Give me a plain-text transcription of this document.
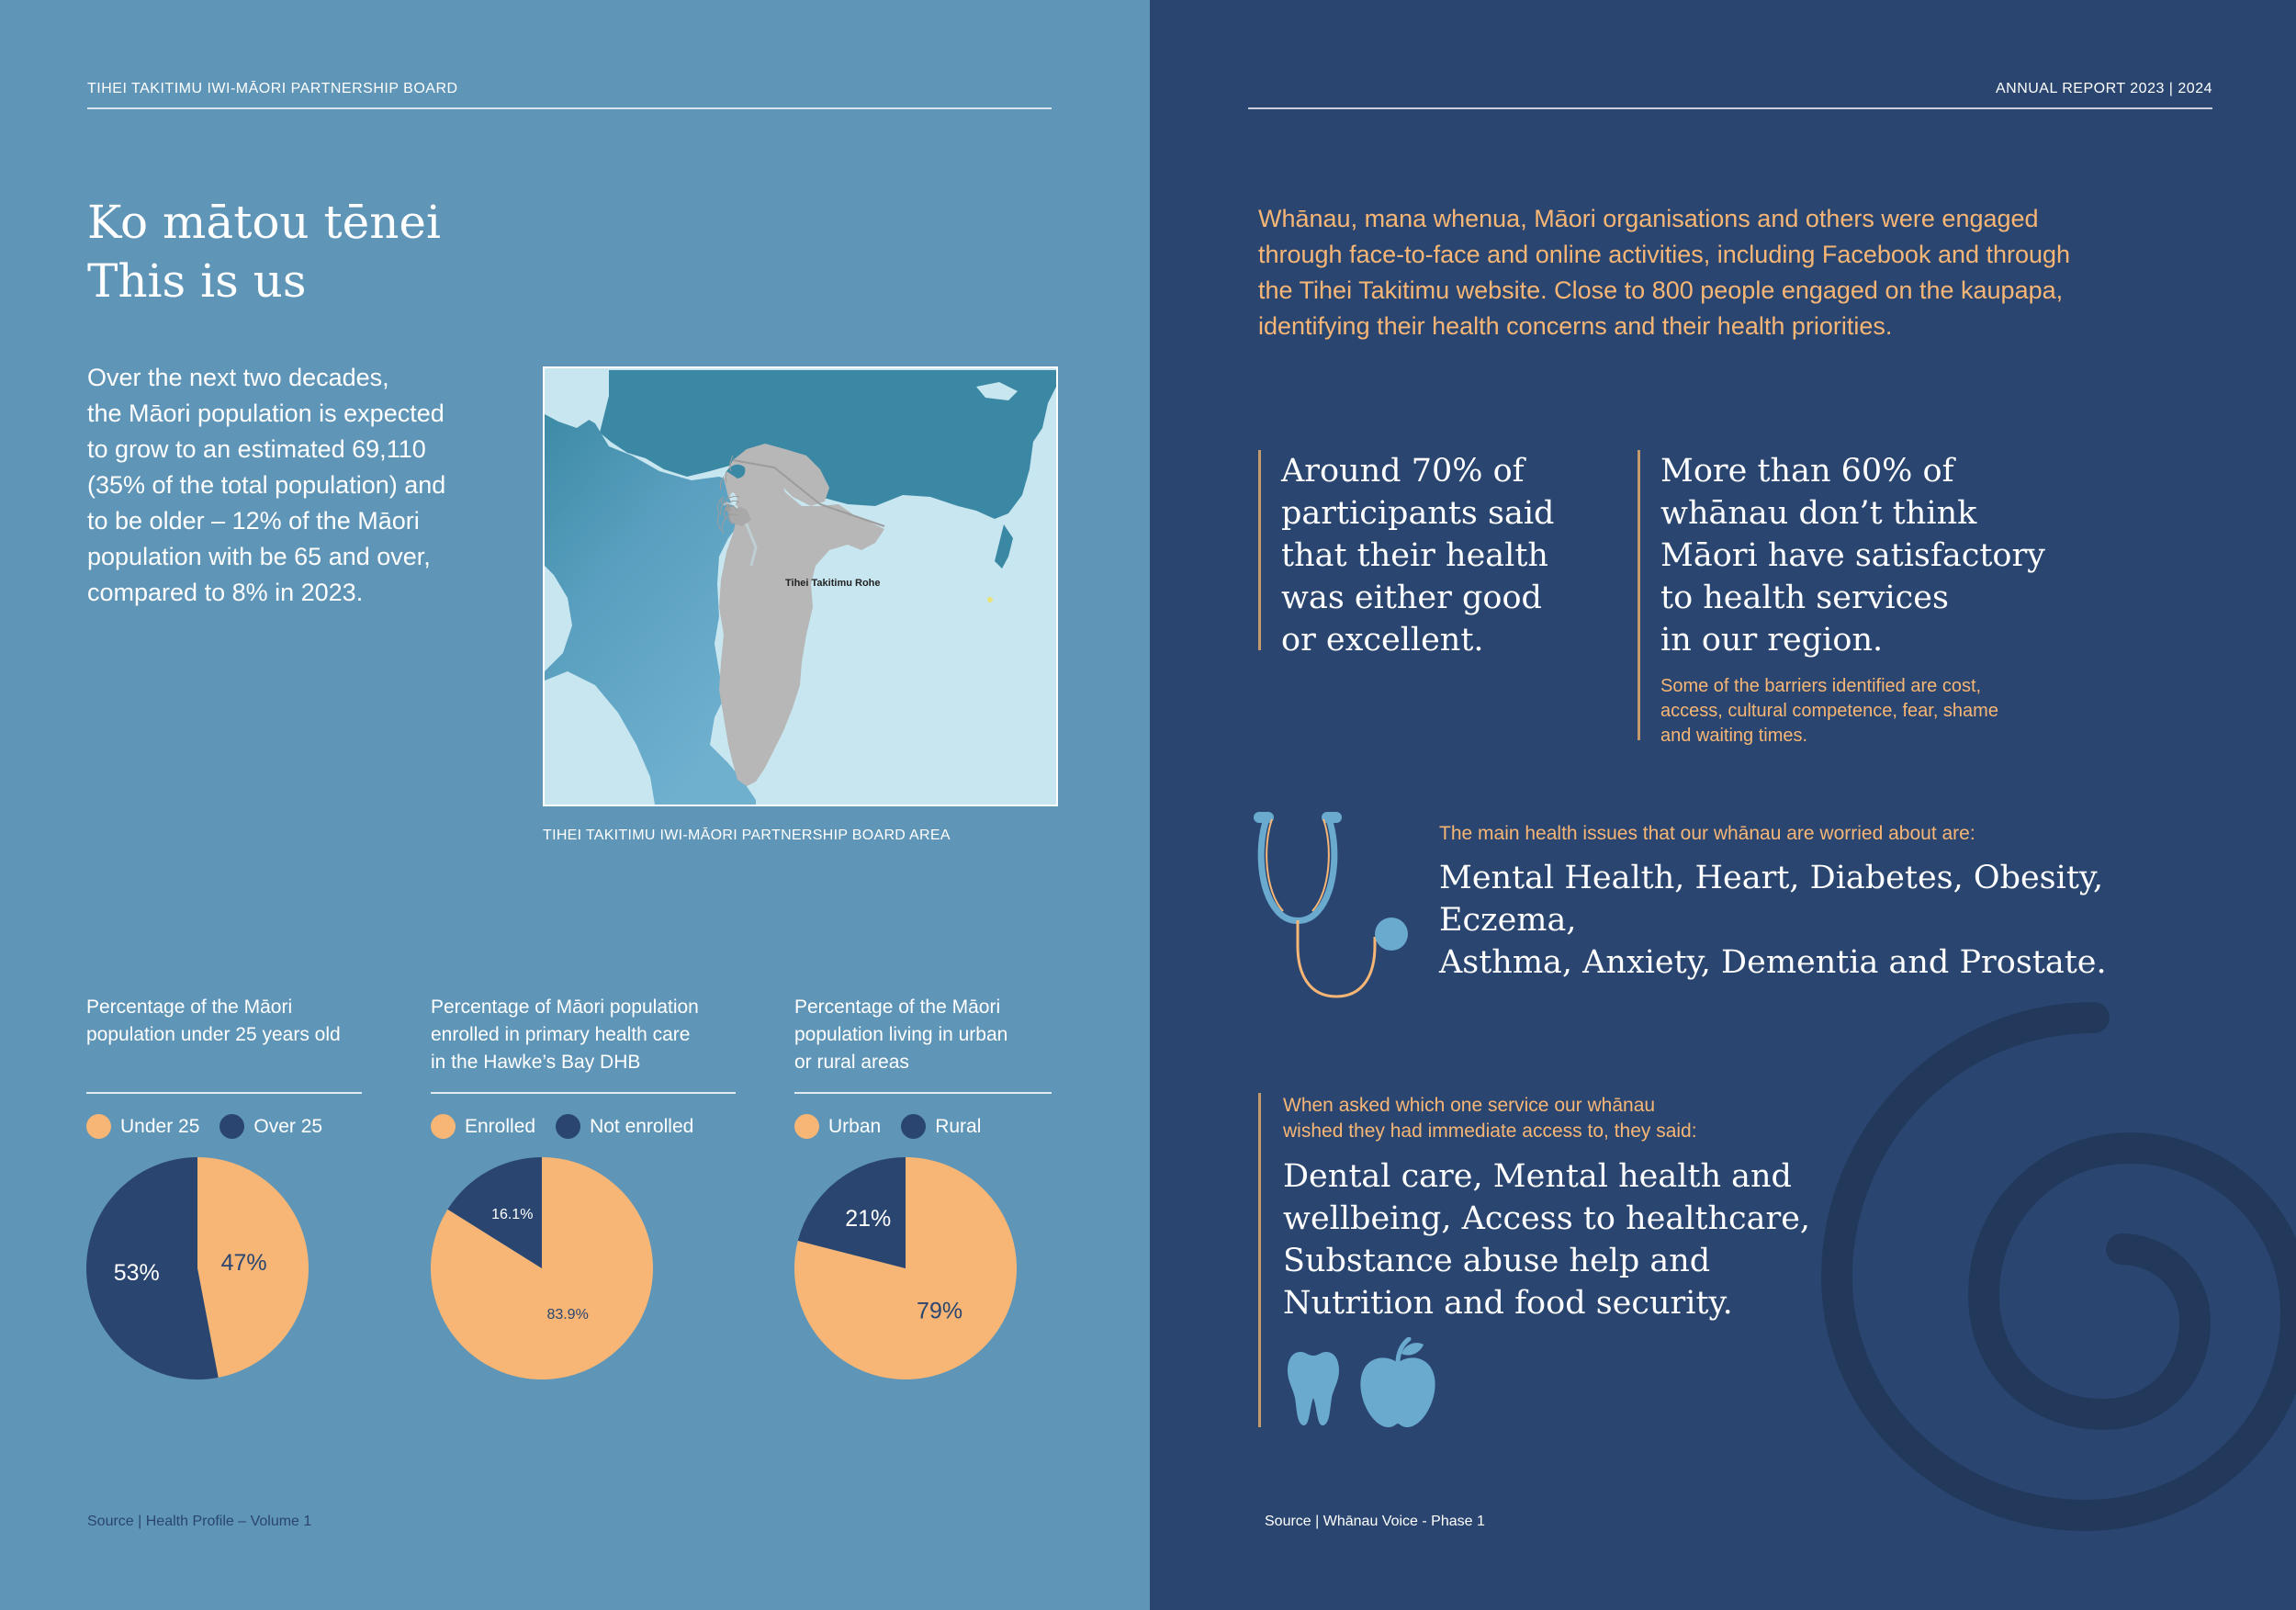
TIHEI TAKITIMU IWI-MĀORI PARTNERSHIP BOARD
Ko mātou tēnei
This is us
Over the next two decades,
the Māori population is expected
to grow to an estimated 69,110
(35% of the total population) and
to be older – 12% of the Māori
population with be 65 and over,
compared to 8% in 2023.	Tihei Takitimu Rohe
TIHEI TAKITIMU IWI-MĀORI PARTNERSHIP BOARD AREA
Percentage of the Māori
population under 25 years old
Under 25	Over 25
47%
53%
Percentage of Māori population
enrolled in primary health care
in the Hawke’s Bay DHB
Enrolled	Not enrolled
83.9%
16.1%
Percentage of the Māori
population living in urban
or rural areas
Urban	Rural
79%
21%
Source | Health Profile – Volume 1
ANNUAL REPORT 2023 | 2024
Whānau, mana whenua, Māori organisations and others were engaged
through face-to-face and online activities, including Facebook and through
the Tihei Takitimu website. Close to 800 people engaged on the kaupapa,
identifying their health concerns and their health priorities.
Around 70% of
participants said
that their health
was either good
or excellent.
More than 60% of
whānau don’t think
Māori have satisfactory
to health services
in our region.
Some of the barriers identified are cost,
access, cultural competence, fear, shame
and waiting times.
The main health issues that our whānau are worried about are:
Mental Health, Heart, Diabetes, Obesity, Eczema,
Asthma, Anxiety, Dementia and Prostate.
When asked which one service our whānau
wished they had immediate access to, they said:
Dental care, Mental health and
wellbeing, Access to healthcare,
Substance abuse help and
Nutrition and food security.
Source | Whānau Voice - Phase 1
